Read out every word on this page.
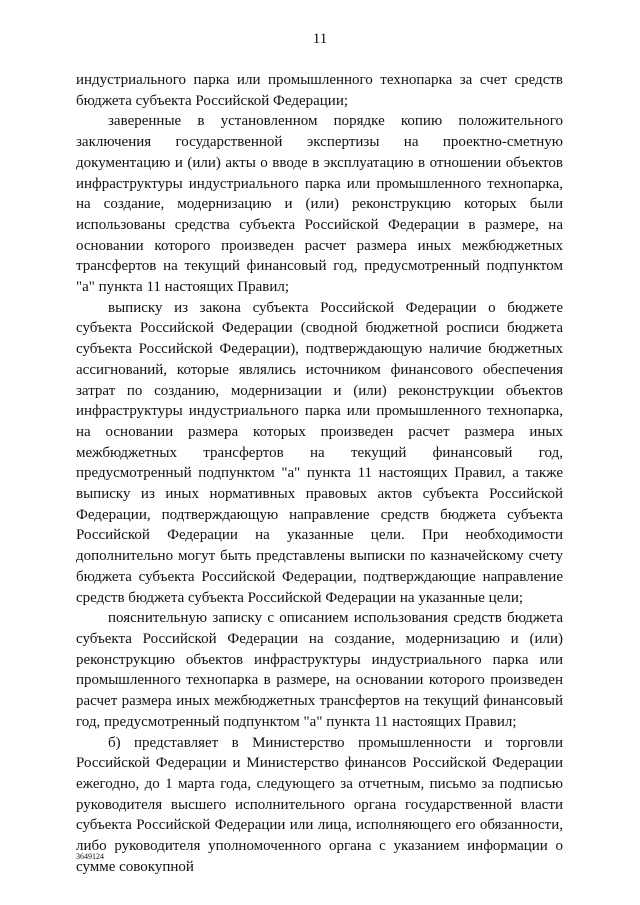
11

индустриального парка или промышленного технопарка за счет средств бюджета субъекта Российской Федерации;

заверенные в установленном порядке копию положительного заключения государственной экспертизы на проектно-сметную документацию и (или) акты о вводе в эксплуатацию в отношении объектов инфраструктуры индустриального парка или промышленного технопарка, на создание, модернизацию и (или) реконструкцию которых были использованы средства субъекта Российской Федерации в размере, на основании которого произведен расчет размера иных межбюджетных трансфертов на текущий финансовый год, предусмотренный подпунктом "а" пункта 11 настоящих Правил;

выписку из закона субъекта Российской Федерации о бюджете субъекта Российской Федерации (сводной бюджетной росписи бюджета субъекта Российской Федерации), подтверждающую наличие бюджетных ассигнований, которые являлись источником финансового обеспечения затрат по созданию, модернизации и (или) реконструкции объектов инфраструктуры индустриального парка или промышленного технопарка, на основании размера которых произведен расчет размера иных межбюджетных трансфертов на текущий финансовый год, предусмотренный подпунктом "а" пункта 11 настоящих Правил, а также выписку из иных нормативных правовых актов субъекта Российской Федерации, подтверждающую направление средств бюджета субъекта Российской Федерации на указанные цели. При необходимости дополнительно могут быть представлены выписки по казначейскому счету бюджета субъекта Российской Федерации, подтверждающие направление средств бюджета субъекта Российской Федерации на указанные цели;

пояснительную записку с описанием использования средств бюджета субъекта Российской Федерации на создание, модернизацию и (или) реконструкцию объектов инфраструктуры индустриального парка или промышленного технопарка в размере, на основании которого произведен расчет размера иных межбюджетных трансфертов на текущий финансовый год, предусмотренный подпунктом "а" пункта 11 настоящих Правил;

б) представляет в Министерство промышленности и торговли Российской Федерации и Министерство финансов Российской Федерации ежегодно, до 1 марта года, следующего за отчетным, письмо за подписью руководителя высшего исполнительного органа государственной власти субъекта Российской Федерации или лица, исполняющего его обязанности, либо руководителя уполномоченного органа с указанием информации о сумме совокупной

3649124
